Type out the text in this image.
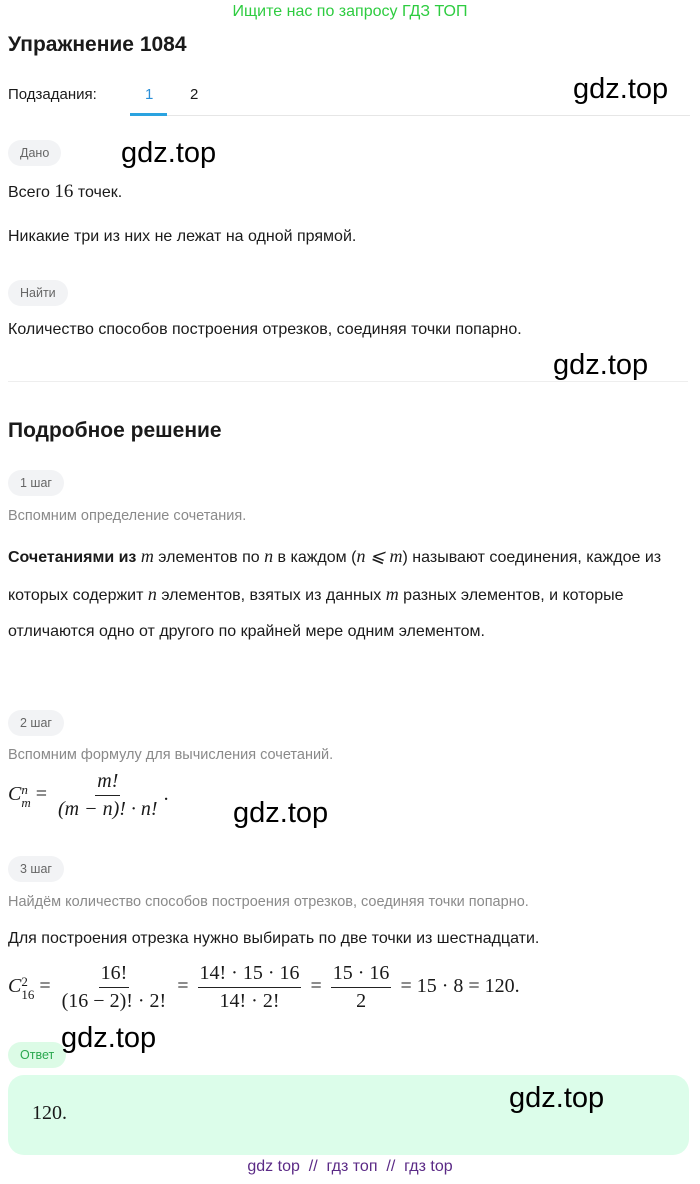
Ищите нас по запросу ГДЗ ТОП
Упражнение 1084
Подзадания:	1 2	gdz.top
Дано	gdz.top
Всего 16 точек.
Никакие три из них не лежат на одной прямой.
Найти
Количество способов построения отрезков, соединяя точки попарно.
gdz.top
Подробное решение
1 шаг
Вспомним определение сочетания.
Сочетаниями из m элементов по n в каждом (n ⩽ m) называют соединения, каждое из которых содержит n элементов, взятых из данных m разных элементов, и которые отличаются одно от другого по крайней мере одним элементом.
2 шаг
Вспомним формулу для вычисления сочетаний.
C n
$m = \frac{m!}{(m - n)! \cdot n!}$ .
gdz.top
3 шаг
Найдём количество способов построения отрезков, соединяя точки попарно.
Для построения отрезка нужно выбирать по две точки из шестнадцати.
C 2
$16 = \frac{16!}{(16 - 2)! \cdot 2!} = \frac{14! \cdot 15 \cdot 16}{14! \cdot 2!} = \frac{15 \cdot 16}{2} = 15 \cdot 8 = 120$.
Ответ
gdz.top
120.	gdz.top
gdz top  //  гдз топ  //  гдз top
